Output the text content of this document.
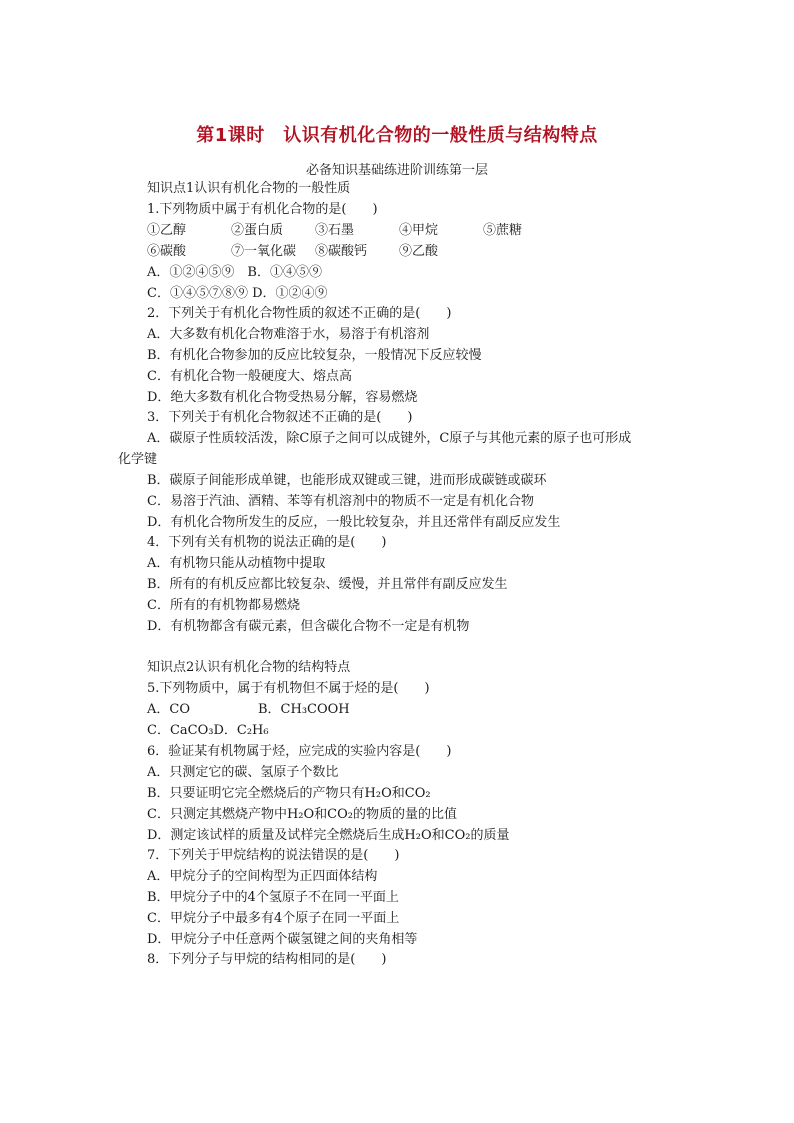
第1课时　认识有机化合物的一般性质与结构特点
必备知识基础练进阶训练第一层
知识点1认识有机化合物的一般性质
1.下列物质中属于有机化合物的是(　　)
①乙醇	②蛋白质 ③石墨	④甲烷	⑤蔗糖
⑥碳酸	⑦一氧化碳 ⑧碳酸钙 ⑨乙酸
A．①②④⑤⑨　B．①④⑤⑨
C．①④⑤⑦⑧⑨ D．①②④⑨
2．下列关于有机化合物性质的叙述不正确的是(　　)
A．大多数有机化合物难溶于水，易溶于有机溶剂
B．有机化合物参加的反应比较复杂，一般情况下反应较慢
C．有机化合物一般硬度大、熔点高
D．绝大多数有机化合物受热易分解，容易燃烧
3．下列关于有机化合物叙述不正确的是(　　)
A．碳原子性质较活泼，除C原子之间可以成键外，C原子与其他元素的原子也可形成
化学键
B．碳原子间能形成单键，也能形成双键或三键，进而形成碳链或碳环
C．易溶于汽油、酒精、苯等有机溶剂中的物质不一定是有机化合物
D．有机化合物所发生的反应，一般比较复杂，并且还常伴有副反应发生
4．下列有关有机物的说法正确的是(　　)
A．有机物只能从动植物中提取
B．所有的有机反应都比较复杂、缓慢，并且常伴有副反应发生
C．所有的有机物都易燃烧
D．有机物都含有碳元素，但含碳化合物不一定是有机物
知识点2认识有机化合物的结构特点
5.下列物质中，属于有机物但不属于烃的是(　　)
A．CO	B．CH₃COOH
C．CaCO₃D．C₂H₆
6．验证某有机物属于烃，应完成的实验内容是(　　)
A．只测定它的碳、氢原子个数比
B．只要证明它完全燃烧后的产物只有H₂O和CO₂
C．只测定其燃烧产物中H₂O和CO₂的物质的量的比值
D．测定该试样的质量及试样完全燃烧后生成H₂O和CO₂的质量
7．下列关于甲烷结构的说法错误的是(　　)
A．甲烷分子的空间构型为正四面体结构
B．甲烷分子中的4个氢原子不在同一平面上
C．甲烷分子中最多有4个原子在同一平面上
D．甲烷分子中任意两个碳氢键之间的夹角相等
8．下列分子与甲烷的结构相同的是(　　)
